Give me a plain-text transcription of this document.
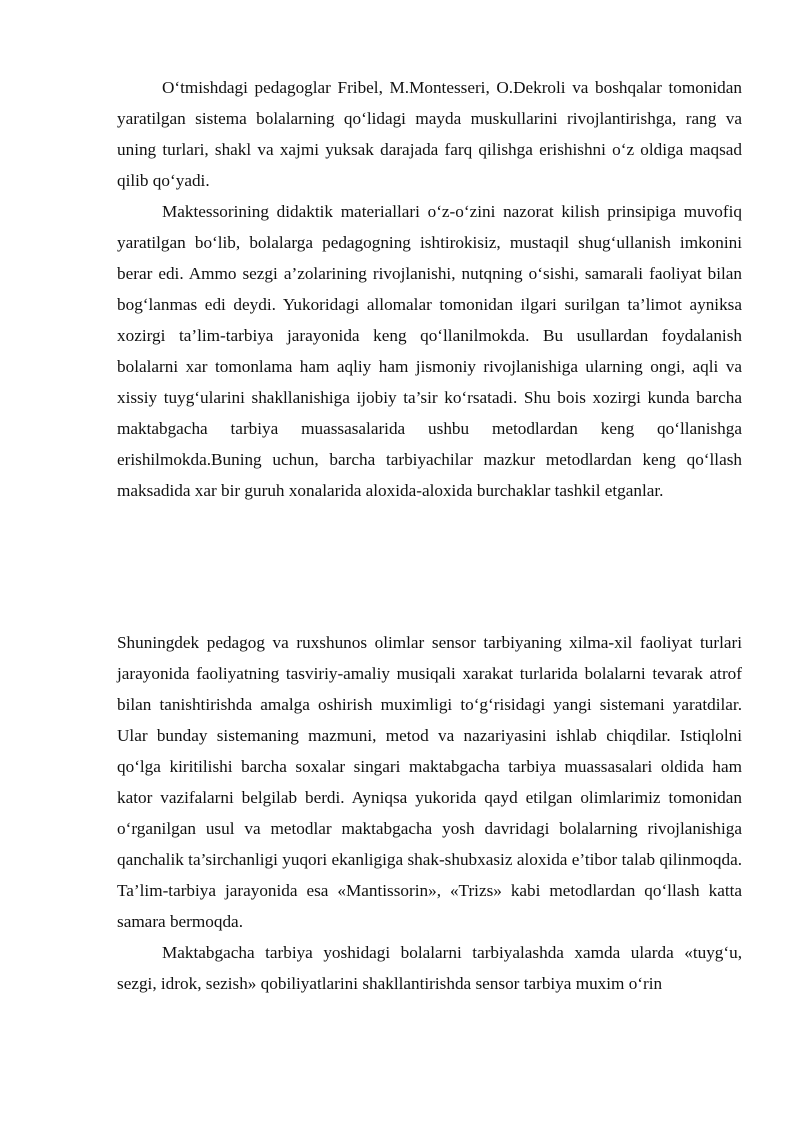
O‘tmishdagi pedagoglar Fribel, M.Montesseri, O.Dekroli va boshqalar tomonidan yaratilgan sistema bolalarning qo‘lidagi mayda muskullarini rivojlantirishga, rang va uning turlari, shakl va xajmi yuksak darajada farq qilishga erishishni o‘z oldiga maqsad qilib qo‘yadi.

Maktessorining didaktik materiallari o‘z-o‘zini nazorat kilish prinsipiga muvofiq yaratilgan bo‘lib, bolalarga pedagogning ishtirokisiz, mustaqil shug‘ullanish imkonini berar edi. Ammo sezgi a’zolarining rivojlanishi, nutqning o‘sishi, samarali faoliyat bilan bog‘lanmas edi deydi. Yukoridagi allomalar tomonidan ilgari surilgan ta’limot ayniksa xozirgi ta’lim-tarbiya jarayonida keng qo‘llanilmokda. Bu usullardan foydalanish bolalarni xar tomonlama ham aqliy ham jismoniy rivojlanishiga ularning ongi, aqli va xissiy tuyg‘ularini shakllanishiga ijobiy ta’sir ko‘rsatadi. Shu bois xozirgi kunda barcha maktabgacha tarbiya muassasalarida ushbu metodlardan keng qo‘llanishga erishilmokda.Buning uchun, barcha tarbiyachilar mazkur metodlardan keng qo‘llash maksadida xar bir guruh xonalarida aloxida-aloxida burchaklar tashkil etganlar.

Shuningdek pedagog va ruxshunos olimlar sensor tarbiyaning xilma-xil faoliyat turlari jarayonida faoliyatning tasviriy-amaliy musiqali xarakat turlarida bolalarni tevarak atrof bilan tanishtirishda amalga oshirish muximligi to‘g‘risidagi yangi sistemani yaratdilar. Ular bunday sistemaning mazmuni, metod va nazariyasini ishlab chiqdilar. Istiqlolni qo‘lga kiritilishi barcha soxalar singari maktabgacha tarbiya muassasalari oldida ham kator vazifalarni belgilab berdi. Ayniqsa yukorida qayd etilgan olimlarimiz tomonidan o‘rganilgan usul va metodlar maktabgacha yosh davridagi bolalarning rivojlanishiga qanchalik ta’sirchanligi yuqori ekanligiga shak-shubxasiz aloxida e’tibor talab qilinmoqda. Ta’lim-tarbiya jarayonida esa «Mantissorin», «Trizs» kabi metodlardan qo‘llash katta samara bermoqda.

Maktabgacha tarbiya yoshidagi bolalarni tarbiyalashda xamda ularda «tuyg‘u, sezgi, idrok, sezish» qobiliyatlarini shakllantirishda sensor tarbiya muxim o‘rin
